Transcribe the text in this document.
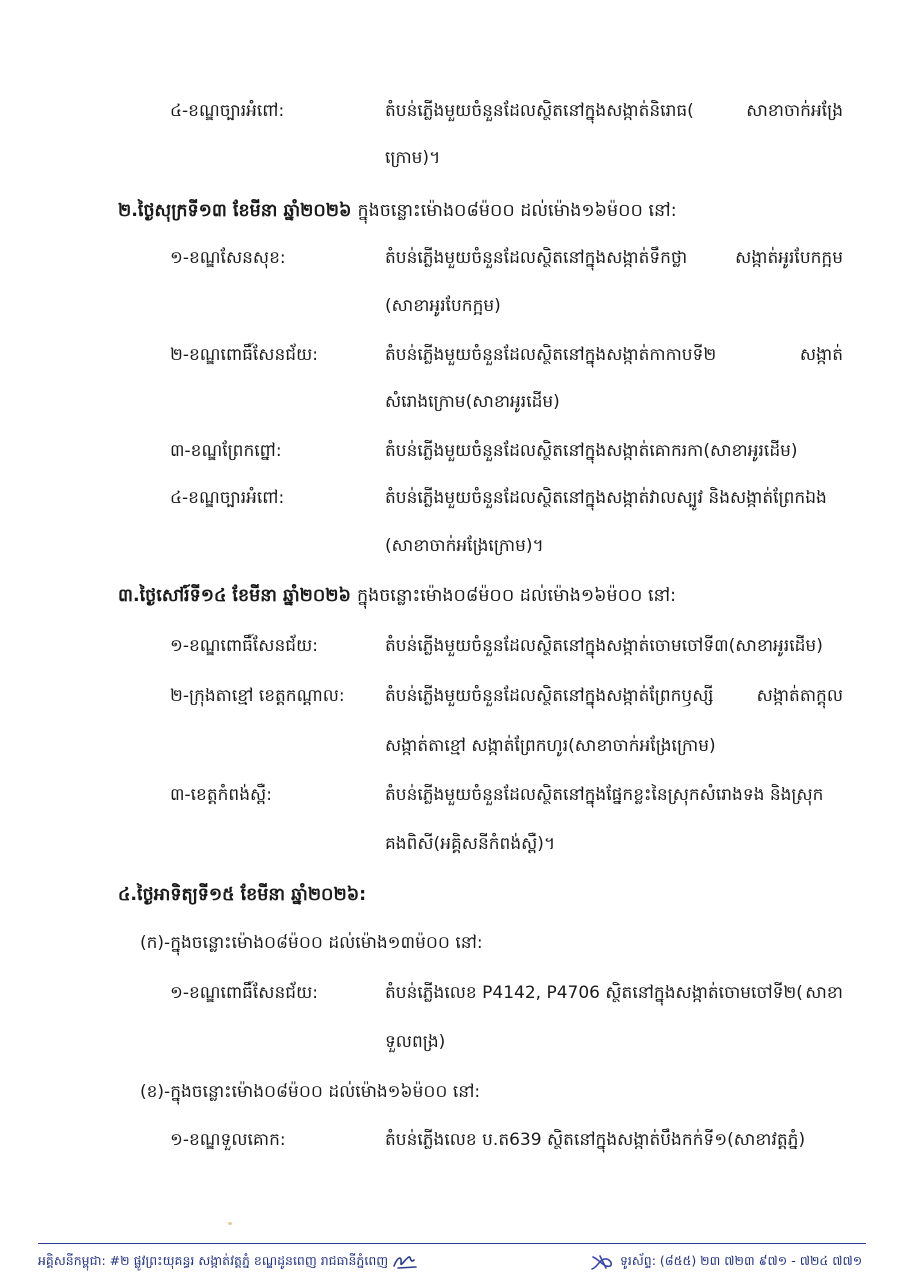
៤-ខណ្ឌច្បារអំពៅ:	តំបន់ភ្លើងមួយចំនួនដែលស្ថិតនៅក្នុងសង្កាត់និរោធ(	សាខាចាក់អង្រែ
ក្រោម)។
២.ថ្ងៃសុក្រទី១៣ ខែមីនា ឆ្នាំ២០២៦ ក្នុងចន្លោះម៉ោង០៨ម៉០០ ដល់ម៉ោង១៦ម៉០០ នៅ:
១-ខណ្ឌសែនសុខ:	តំបន់ភ្លើងមួយចំនួនដែលស្ថិតនៅក្នុងសង្កាត់ទឹកថ្លា	សង្កាត់អូរបែកក្អម
(សាខាអូរបែកក្អម)
២-ខណ្ឌពោធិ៍សែនជ័យ:	តំបន់ភ្លើងមួយចំនួនដែលស្ថិតនៅក្នុងសង្កាត់កាកាបទី២	សង្កាត់
សំរោងក្រោម(សាខាអូរដើម)
៣-ខណ្ឌព្រែកព្នៅ:	តំបន់ភ្លើងមួយចំនួនដែលស្ថិតនៅក្នុងសង្កាត់គោករកា(សាខាអូរដើម)
៤-ខណ្ឌច្បារអំពៅ:	តំបន់ភ្លើងមួយចំនួនដែលស្ថិតនៅក្នុងសង្កាត់វាលស្បូវ និងសង្កាត់ព្រែកឯង
(សាខាចាក់អង្រែក្រោម)។
៣.ថ្ងៃសៅរ៍ទី១៤ ខែមីនា ឆ្នាំ២០២៦ ក្នុងចន្លោះម៉ោង០៨ម៉០០ ដល់ម៉ោង១៦ម៉០០ នៅ:
១-ខណ្ឌពោធិ៍សែនជ័យ:	តំបន់ភ្លើងមួយចំនួនដែលស្ថិតនៅក្នុងសង្កាត់ចោមចៅទី៣(សាខាអូរដើម)
២-ក្រុងតាខ្មៅ ខេត្តកណ្ដាល: តំបន់ភ្លើងមួយចំនួនដែលស្ថិតនៅក្នុងសង្កាត់ព្រែកឫស្សី	សង្កាត់តាក្ដុល
សង្កាត់តាខ្មៅ សង្កាត់ព្រែកហូរ(សាខាចាក់អង្រែក្រោម)
៣-ខេត្តកំពង់ស្ពឺ:	តំបន់ភ្លើងមួយចំនួនដែលស្ថិតនៅក្នុងផ្នែកខ្លះនៃស្រុកសំរោងទង និងស្រុក
គងពិសី(អគ្គិសនីកំពង់ស្ពឺ)។
៤.ថ្ងៃអាទិត្យទី១៥ ខែមីនា ឆ្នាំ២០២៦:
(ក)-ក្នុងចន្លោះម៉ោង០៨ម៉០០ ដល់ម៉ោង១៣ម៉០០ នៅ:
១-ខណ្ឌពោធិ៍សែនជ័យ:	តំបន់ភ្លើងលេខ P4142, P4706 ស្ថិតនៅក្នុងសង្កាត់ចោមចៅទី២( សាខា
ទួលពង្រ)
(ខ)-ក្នុងចន្លោះម៉ោង០៨ម៉០០ ដល់ម៉ោង១៦ម៉០០ នៅ:
១-ខណ្ឌទួលគោក:	តំបន់ភ្លើងលេខ ប.ត639 ស្ថិតនៅក្នុងសង្កាត់បឹងកក់ទី១(សាខាវត្តភ្នំ)
អគ្គិសនីកម្ពុជា: #២ ផ្លូវព្រះយុគន្ធរ សង្កាត់វត្តភ្នំ ខណ្ឌដូនពេញ រាជធានីភ្នំពេញ	ទូរស័ព្ទ: (៨៥៥) ២៣ ៧២៣ ៩៧១ - ៧២៤ ៧៧១
